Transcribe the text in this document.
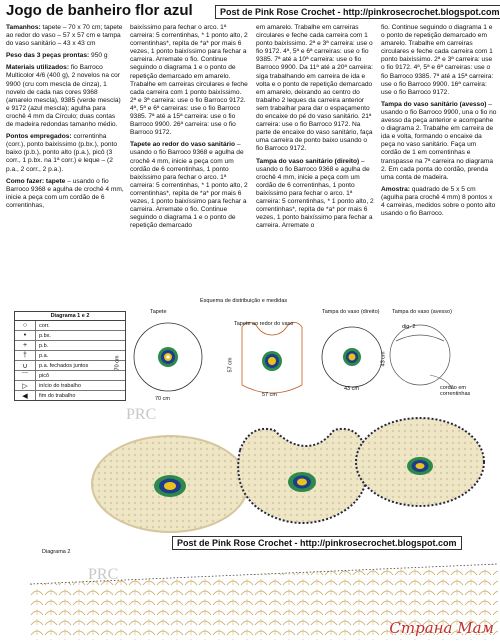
Jogo de banheiro flor azul	Post de Pink Rose Crochet - http://pinkrosecrochet.blogspot.com

Tamanhos: tapete – 70 x 70 cm; tapete ao redor do vaso – 57 x 57 cm e tampa do vaso sanitário – 43 x 43 cm

Peso das 3 peças prontas: 950 g

Materiais utilizados: fio Barroco Multicolor 4/6 (400 g), 2 novelos na cor 9900 (cru com mescla de cinza), 1 novelo de cada nas cores 9368 (amarelo mescla), 9385 (verde mescla) e 9172 (azul mescla); agulha para crochê 4 mm da Círculo; duas contas de madeira redondas tamanho médio.

Pontos empregados: correntinha (corr.), ponto baixíssimo (p.bx.), ponto baixo (p.b.), ponto alto (p.a.), picô (3 corr., 1 p.bx. na 1ª corr.) e leque – (2 p.a., 2 corr., 2 p.a.).

Como fazer: tapete – usando o fio Barroco 9368 e agulha de crochê 4 mm, inicie a peça com um cordão de 6 correntinhas,

baixíssimo para fechar o arco. 1ª carreira: 5 correntinhas, * 1 ponto alto, 2 correntinhas*, repita de *a* por mais 6 vezes, 1 ponto baixíssimo para fechar a carreira. Arremate o fio. Continue seguindo o diagrama 1 e o ponto de repetição demarcado em amarelo. Trabalhe em carreiras circulares e feche cada carreira com 1 ponto baixíssimo. 2ª e 3ª carreira: use o fio Barroco 9172. 4ª, 5ª e 6ª carreiras: use o fio Barroco 9385. 7ª até a 15ª carreira: use o fio Barroco 9900. 26ª carreira: use o fio Barroco 9172.

Tapete ao redor do vaso sanitário – usando o fio Barroco 9368 e agulha de crochê 4 mm, inicie a peça com um cordão de 6 correntinhas, 1 ponto baixíssimo para fechar o arco. 1ª carreira: 5 correntinhas, * 1 ponto alto, 2 correntinhas*, repita de *a* por mais 6 vezes, 1 ponto baixíssimo para fechar a carreira. Arremate o fio. Continue seguindo o diagrama 1 e o ponto de repetição demarcado

em amarelo. Trabalhe em carreiras circulares e feche cada carreira com 1 ponto baixíssimo. 2ª e 3ª carreira: use o fio 9172. 4ª, 5ª e 6ª carreiras: use o fio 9385. 7ª até a 10ª carreira: use o fio Barroco 9900. Da 11ª até a 20ª carreira: siga trabalhando em carreira de ida e volta e o ponto de repetição demarcado em amarelo, deixando ao centro do trabalho 2 leques da carreira anterior sem trabalhar para dar o espaçamento do encaixe do pé do vaso sanitário. 21ª carreira: use o fio Barroco 9172. Na parte de encaixe do vaso sanitário, faça uma carreira de ponto baixo usando o fio Barroco 9172.

Tampa do vaso sanitário (direito) – usando o fio Barroco 9368 e agulha de crochê 4 mm, inicie a peça com um cordão de 6 correntinhas, 1 ponto baixíssimo para fechar o arco. 1ª carreira: 5 correntinhas, * 1 ponto alto, 2 correntinhas*, repita de *a* por mais 6 vezes, 1 ponto baixíssimo para fechar a carreira. Arremate o

fio. Continue seguindo o diagrama 1 e o ponto de repetição demarcado em amarelo. Trabalhe em carreiras circulares e feche cada carreira com 1 ponto baixíssimo. 2ª e 3ª carreira: use o fio 9172. 4ª, 5ª e 6ª carreiras: use o fio Barroco 9385. 7ª até a 15ª carreira: use o fio Barroco 9900. 16ª carreira: use o fio Barroco 9172.

Tampa do vaso sanitário (avesso) – usando o fio Barroco 9900, una o fio no avesso da peça anterior e acompanhe o diagrama 2. Trabalhe em carreira de ida e volta, formando o encaixe da peça no vaso sanitário. Faça um cordão de 1 em correntinhas e transpasse na 7ª carreira no diagrama 2. Em cada ponta do cordão, prenda uma conta de madeira.

Amostra: quadrado de 5 x 5 cm (agulha para crochê 4 mm) 8 pontos x 4 carreiras, medidos sobre o ponto alto usando o fio Barroco.

Diagrama 1 e 2
○	corr.
•	p.bx.
+	p.b.
†	p.a.
∪	p.a. fechados juntos
⌒	picô
▷	início do trabalho
◀	fim do trabalho
Esquema de distribuição e medidas
Tapete
Tapete ao redor do vaso
Tampa do vaso (direito) Tampa do vaso (avesso)
70 cm
70 cm
57 cm
57 cm
43 cm
43 cm
dig. 2
cordão em correntinhas
PRC
Post de Pink Rose Crochet - http://pinkrosecrochet.blogspot.com
Diagrama 2
PRC
Страна Мам
